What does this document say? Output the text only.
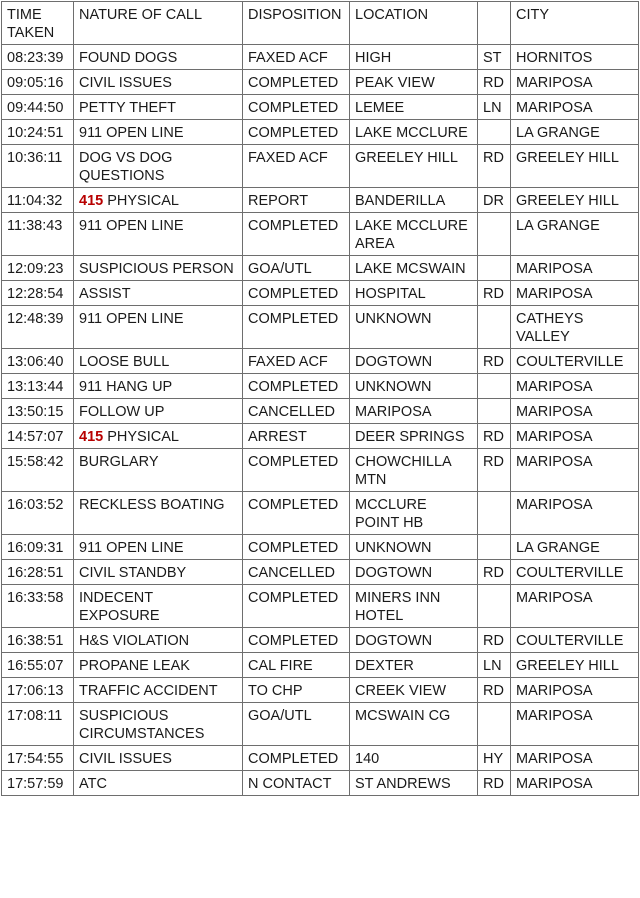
TIME TAKEN	NATURE OF CALL	DISPOSITION	LOCATION		CITY
08:23:39	FOUND DOGS	FAXED ACF	HIGH	ST	HORNITOS
09:05:16	CIVIL ISSUES	COMPLETED	PEAK VIEW	RD	MARIPOSA
09:44:50	PETTY THEFT	COMPLETED	LEMEE	LN	MARIPOSA
10:24:51	911 OPEN LINE	COMPLETED	LAKE MCCLURE		LA GRANGE
10:36:11	DOG VS DOG QUESTIONS	FAXED ACF	GREELEY HILL	RD	GREELEY HILL
11:04:32	415 PHYSICAL	REPORT	BANDERILLA	DR	GREELEY HILL
11:38:43	911 OPEN LINE	COMPLETED	LAKE MCCLURE AREA		LA GRANGE
12:09:23	SUSPICIOUS PERSON	GOA/UTL	LAKE MCSWAIN		MARIPOSA
12:28:54	ASSIST	COMPLETED	HOSPITAL	RD	MARIPOSA
12:48:39	911 OPEN LINE	COMPLETED	UNKNOWN		CATHEYS VALLEY
13:06:40	LOOSE BULL	FAXED ACF	DOGTOWN	RD	COULTERVILLE
13:13:44	911 HANG UP	COMPLETED	UNKNOWN		MARIPOSA
13:50:15	FOLLOW UP	CANCELLED	MARIPOSA		MARIPOSA
14:57:07	415 PHYSICAL	ARREST	DEER SPRINGS	RD	MARIPOSA
15:58:42	BURGLARY	COMPLETED	CHOWCHILLA MTN	RD	MARIPOSA
16:03:52	RECKLESS BOATING	COMPLETED	MCCLURE POINT HB		MARIPOSA
16:09:31	911 OPEN LINE	COMPLETED	UNKNOWN		LA GRANGE
16:28:51	CIVIL STANDBY	CANCELLED	DOGTOWN	RD	COULTERVILLE
16:33:58	INDECENT EXPOSURE	COMPLETED	MINERS INN HOTEL		MARIPOSA
16:38:51	H&S VIOLATION	COMPLETED	DOGTOWN	RD	COULTERVILLE
16:55:07	PROPANE LEAK	CAL FIRE	DEXTER	LN	GREELEY HILL
17:06:13	TRAFFIC ACCIDENT	TO CHP	CREEK VIEW	RD	MARIPOSA
17:08:11	SUSPICIOUS CIRCUMSTANCES	GOA/UTL	MCSWAIN CG		MARIPOSA
17:54:55	CIVIL ISSUES	COMPLETED	140	HY	MARIPOSA
17:57:59	ATC	N CONTACT	ST ANDREWS	RD	MARIPOSA
